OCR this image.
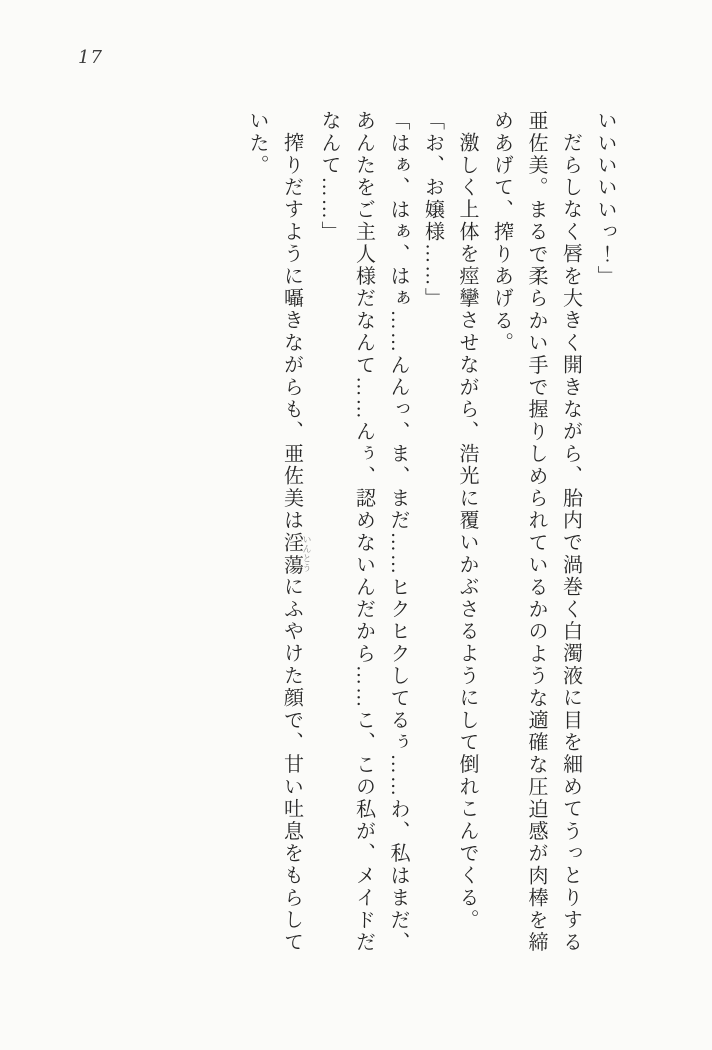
17
いいいいいっ！」
だらしなく唇を大きく開きながら、胎内で渦巻く白濁液に目を細めてうっとりする
亜佐美。まるで柔らかい手で握りしめられているかのような適確な圧迫感が肉棒を締
めあげて、搾りあげる。
激しく上体を痙攣させながら、浩光に覆いかぶさるようにして倒れこんでくる。
「お、お嬢様……」
「はぁ、はぁ、はぁ……んんっ、ま、まだ……ヒクヒクしてるぅ……わ、私はまだ、
あんたをご主人様だなんて……んぅ、認めないんだから……こ、この私が、メイドだ
なんて……」
搾りだすように囁きながらも、亜佐美は淫蕩 いんとうにふやけた顔で、甘い吐息をもらして
いた。
